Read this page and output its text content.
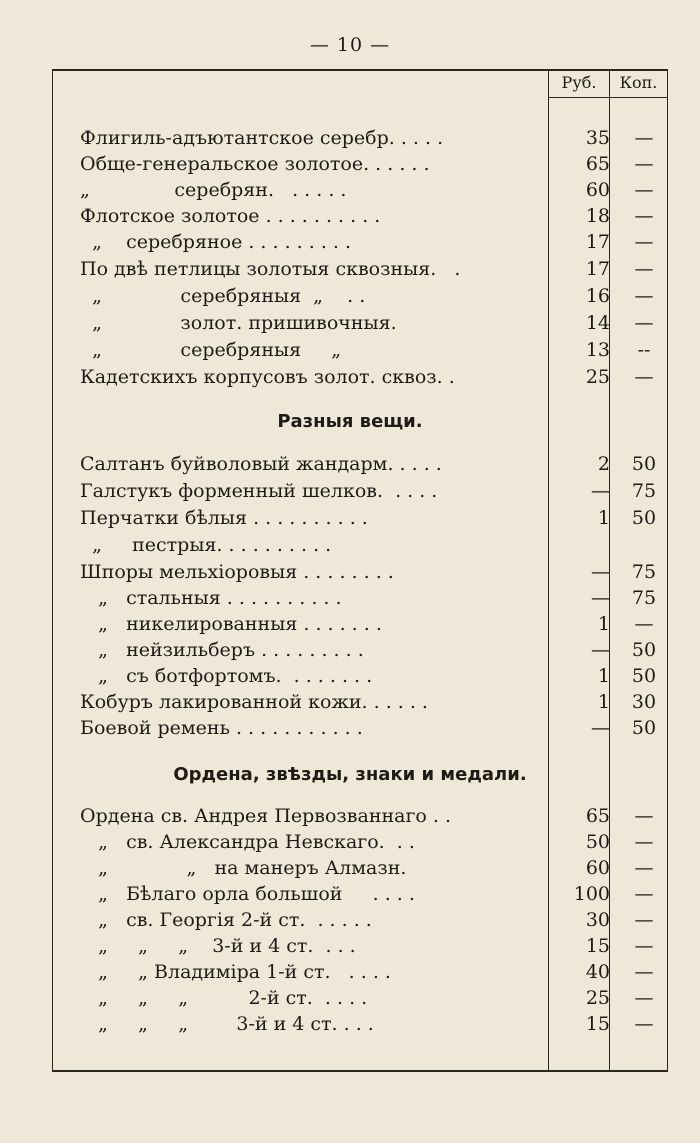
— 10 —
Руб.	Коп.
Флигиль-адъютантское серебр. . . . .	35	—
Обще-генеральское золотое. . . . . .	65	—
„              серебрян.   . . . . .	60	—
Флотское золотое . . . . . . . . . .	18	—
„    серебряное . . . . . . . . .	17	—
По двѣ петлицы золотыя сквозныя.   .	17	—
„             серебряныя  „    . .	16	—
„             золот. пришивочныя.	14	—
„             серебряныя     „	13	--
Кадетскихъ корпусовъ золот. сквоз. .	25	—
Разныя вещи.
Салтанъ буйволовый жандарм. . . . .	2	50
Галстукъ форменный шелков.  . . . .	—	75
Перчатки бѣлыя . . . . . . . . . .	1	50
„     пестрыя. . . . . . . . . .
Шпоры мельхіоровыя . . . . . . . .	—	75
„   стальныя . . . . . . . . . .	—	75
„   никелированныя . . . . . . .	1	—
„   нейзильберъ . . . . . . . . .	—	50
„   съ ботфортомъ.  . . . . . . .	1	50
Кобуръ лакированной кожи. . . . . .	1	30
Боевой ремень . . . . . . . . . . .	—	50
Ордена, звѣзды, знаки и медали.
Ордена св. Андрея Первозваннаго . .	65	—
„   св. Александра Невскаго.  . .	50	—
„             „   на манеръ Алмазн.	60	—
„   Бѣлаго орла большой     . . . .	100	—
„   св. Георгія 2-й ст.  . . . . .	30	—
„     „     „    3-й и 4 ст.  . . .	15	—
„     „ Владиміра 1-й ст.   . . . .	40	—
„     „     „          2-й ст.  . . . .	25	—
„     „     „        3-й и 4 ст. . . .	15	—
